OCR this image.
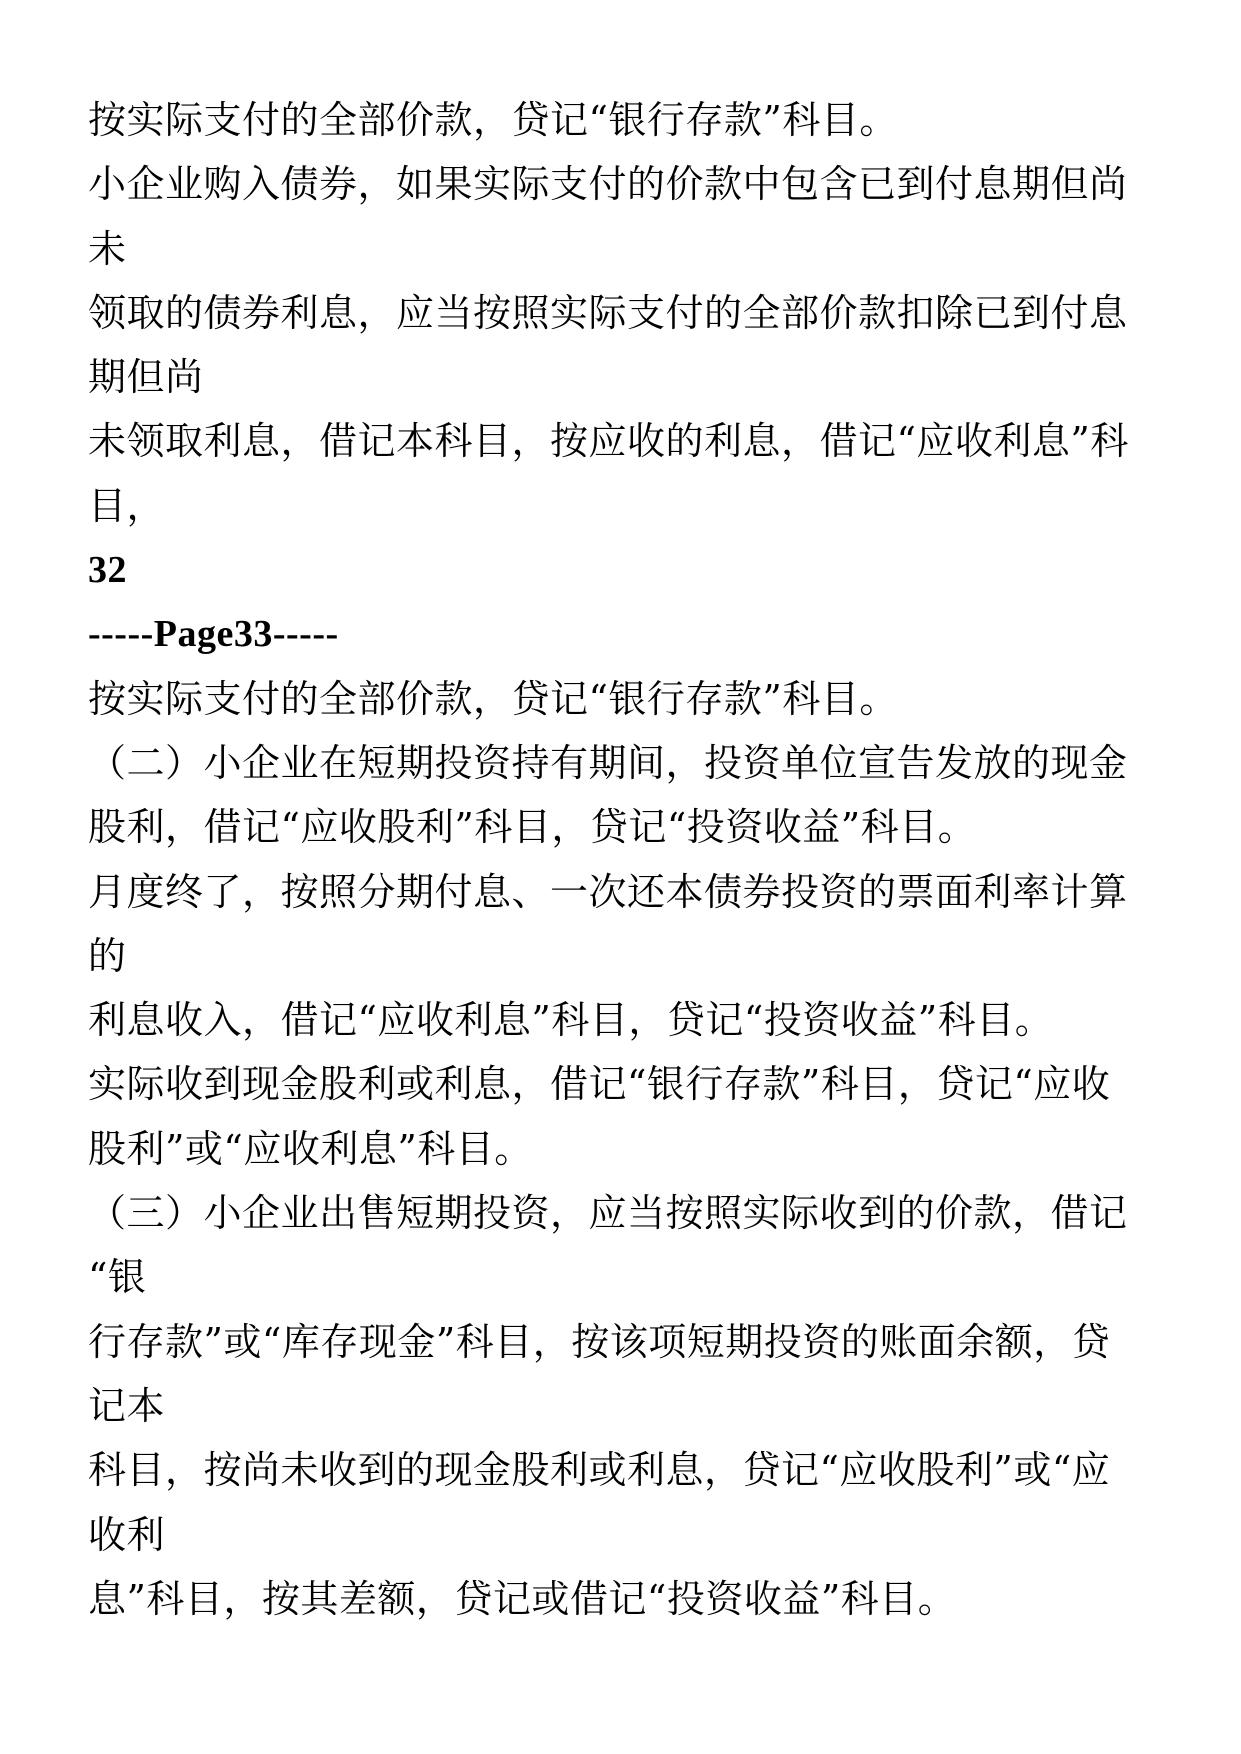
按实际支付的全部价款，贷记“银行存款”科目。
小企业购入债券，如果实际支付的价款中包含已到付息期但尚
未
领取的债券利息，应当按照实际支付的全部价款扣除已到付息
期但尚
未领取利息，借记本科目，按应收的利息，借记“应收利息”科
目，
32
-----Page33-----
按实际支付的全部价款，贷记“银行存款”科目。
（二）小企业在短期投资持有期间，投资单位宣告发放的现金
股利，借记“应收股利”科目，贷记“投资收益”科目。
月度终了，按照分期付息、一次还本债券投资的票面利率计算
的
利息收入，借记“应收利息”科目，贷记“投资收益”科目。
实际收到现金股利或利息，借记“银行存款”科目，贷记“应收
股利”或“应收利息”科目。
（三）小企业出售短期投资，应当按照实际收到的价款，借记
“银
行存款”或“库存现金”科目，按该项短期投资的账面余额，贷
记本
科目，按尚未收到的现金股利或利息，贷记“应收股利”或“应
收利
息”科目，按其差额，贷记或借记“投资收益”科目。
